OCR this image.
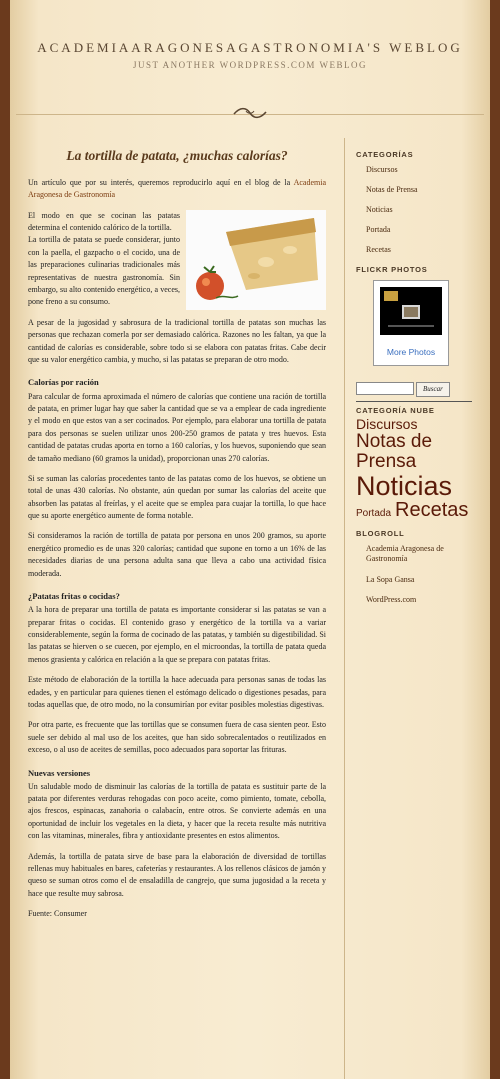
ACADEMIAARAGONESAGASTRONOMIA'S WEBLOG
JUST ANOTHER WORDPRESS.COM WEBLOG
La tortilla de patata, ¿muchas calorías?

Un artículo que por su interés, queremos reproducirlo aquí en el blog de la Academia Aragonesa de Gastronomía

El modo en que se cocinan las patatas determina el contenido calórico de la tortilla.

La tortilla de patata se puede considerar, junto con la paella, el gazpacho o el cocido, una de las preparaciones culinarias tradicionales más representativas de nuestra gastronomía. Sin embargo, su alto contenido energético, a veces, pone freno a su consumo.

A pesar de la jugosidad y sabrosura de la tradicional tortilla de patatas son muchas las personas que rechazan comerla por ser demasiado calórica. Razones no les faltan, ya que la cantidad de calorías es considerable, sobre todo si se elabora con patatas fritas. Cabe decir que su valor energético cambia, y mucho, si las patatas se preparan de otro modo.

Calorías por ración

Para calcular de forma aproximada el número de calorías que contiene una ración de tortilla de patata, en primer lugar hay que saber la cantidad que se va a emplear de cada ingrediente y el modo en que estos van a ser cocinados. Por ejemplo, para elaborar una tortilla de patata para dos personas se suelen utilizar unos 200-250 gramos de patata y tres huevos. Esta cantidad de patatas crudas aporta en torno a 160 calorías, y los huevos, suponiendo que sean de tamaño mediano (60 gramos la unidad), proporcionan unas 270 calorías.

Si se suman las calorías procedentes tanto de las patatas como de los huevos, se obtiene un total de unas 430 calorías. No obstante, aún quedan por sumar las calorías del aceite que absorben las patatas al freírlas, y el aceite que se emplea para cuajar la tortilla, lo que hace que su aporte energético aumente de forma notable.

Si consideramos la ración de tortilla de patata por persona en unos 200 gramos, su aporte energético promedio es de unas 320 calorías; cantidad que supone en torno a un 16% de las necesidades diarias de una persona adulta sana que lleva a cabo una actividad física moderada.

¿Patatas fritas o cocidas?

A la hora de preparar una tortilla de patata es importante considerar si las patatas se van a preparar fritas o cocidas. El contenido graso y energético de la tortilla va a variar considerablemente, según la forma de cocinado de las patatas, y también su digestibilidad. Si las patatas se hierven o se cuecen, por ejemplo, en el microondas, la tortilla de patata queda menos grasienta y calórica en relación a la que se prepara con patatas fritas.

Este método de elaboración de la tortilla la hace adecuada para personas sanas de todas las edades, y en particular para quienes tienen el estómago delicado o digestiones pesadas, para todas aquellas que, de otro modo, no la consumirían por evitar posibles molestias digestivas.

Por otra parte, es frecuente que las tortillas que se consumen fuera de casa sienten peor. Esto suele ser debido al mal uso de los aceites, que han sido sobrecalentados o reutilizados en exceso, o al uso de aceites de semillas, poco adecuados para soportar las frituras.

Nuevas versiones

Un saludable modo de disminuir las calorías de la tortilla de patata es sustituir parte de la patata por diferentes verduras rehogadas con poco aceite, como pimiento, tomate, cebolla, ajos frescos, espinacas, zanahoria o calabacín, entre otros. Se convierte además en una oportunidad de incluir los vegetales en la dieta, y hacer que la receta resulte más nutritiva con las vitaminas, minerales, fibra y antioxidante presentes en estos alimentos.

Además, la tortilla de patata sirve de base para la elaboración de diversidad de tortillas rellenas muy habituales en bares, cafeterías y restaurantes. A los rellenos clásicos de jamón y queso se suman otros como el de ensaladilla de cangrejo, que suma jugosidad a la receta y hace que resulte muy sabrosa.

Fuente: Consumer

CATEGORÍAS
Discursos
Notas de Prensa
Noticias
Portada
Recetas
FLICKR PHOTOS
More Photos
Buscar
CATEGORÍA NUBE
DiscursosNotas de PrensaNoticiasPortada Recetas
BLOGROLL
Academia Aragonesa de Gastronomía
La Sopa Gansa
WordPress.com
